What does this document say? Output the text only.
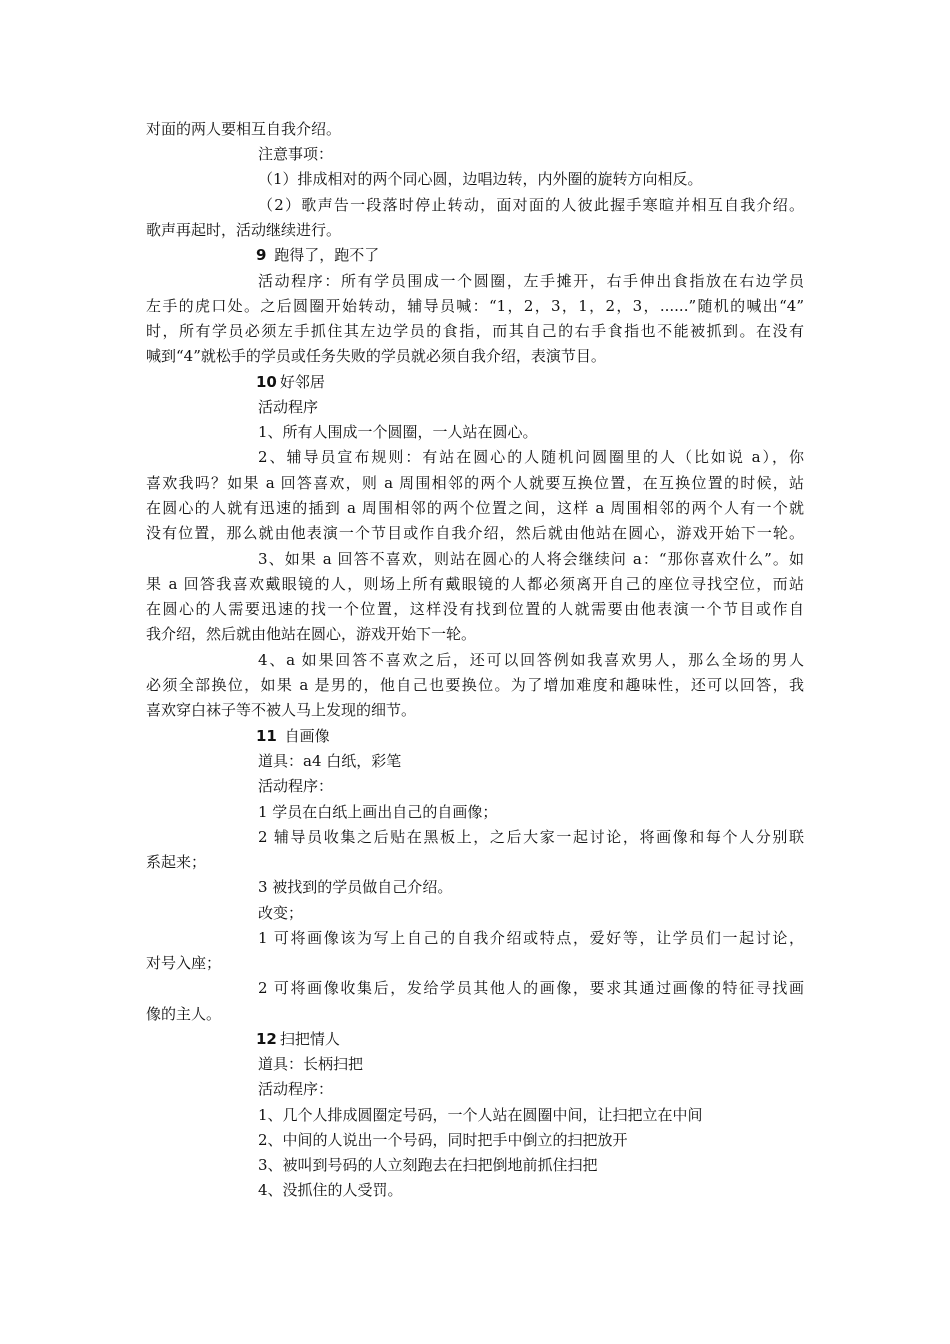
对面的两人要相互自我介绍。
注意事项：
（1）排成相对的两个同心圆，边唱边转，内外圈的旋转方向相反。
（2）歌声告一段落时停止转动，面对面的人彼此握手寒暄并相互自我介绍。
歌声再起时，活动继续进行。
9 跑得了，跑不了
活动程序：所有学员围成一个圆圈，左手摊开，右手伸出食指放在右边学员
左手的虎口处。之后圆圈开始转动，辅导员喊：“1，2，3，1，2，3，......”随机的喊出“4”
时，所有学员必须左手抓住其左边学员的食指，而其自己的右手食指也不能被抓到。在没有
喊到“4”就松手的学员或任务失败的学员就必须自我介绍，表演节目。
10 好邻居
活动程序
1、所有人围成一个圆圈，一人站在圆心。
2、辅导员宣布规则：有站在圆心的人随机问圆圈里的人（比如说 a），你
喜欢我吗？如果 a 回答喜欢，则 a 周围相邻的两个人就要互换位置，在互换位置的时候，站
在圆心的人就有迅速的插到 a 周围相邻的两个位置之间，这样 a 周围相邻的两个人有一个就
没有位置，那么就由他表演一个节目或作自我介绍，然后就由他站在圆心，游戏开始下一轮。
3、如果 a 回答不喜欢，则站在圆心的人将会继续问 a：“那你喜欢什么”。如
果 a 回答我喜欢戴眼镜的人，则场上所有戴眼镜的人都必须离开自己的座位寻找空位，而站
在圆心的人需要迅速的找一个位置，这样没有找到位置的人就需要由他表演一个节目或作自
我介绍，然后就由他站在圆心，游戏开始下一轮。
4、a 如果回答不喜欢之后，还可以回答例如我喜欢男人，那么全场的男人
必须全部换位，如果 a 是男的，他自己也要换位。为了增加难度和趣味性，还可以回答，我
喜欢穿白袜子等不被人马上发现的细节。
11 自画像
道具：a4 白纸，彩笔
活动程序：
1 学员在白纸上画出自己的自画像；
2 辅导员收集之后贴在黑板上，之后大家一起讨论，将画像和每个人分别联
系起来；
3 被找到的学员做自己介绍。
改变；
1 可将画像该为写上自己的自我介绍或特点，爱好等，让学员们一起讨论，
对号入座；
2 可将画像收集后，发给学员其他人的画像，要求其通过画像的特征寻找画
像的主人。
12 扫把情人
道具：长柄扫把
活动程序：
1、几个人排成圆圈定号码，一个人站在圆圈中间，让扫把立在中间
2、中间的人说出一个号码，同时把手中倒立的扫把放开
3、被叫到号码的人立刻跑去在扫把倒地前抓住扫把
4、没抓住的人受罚。
